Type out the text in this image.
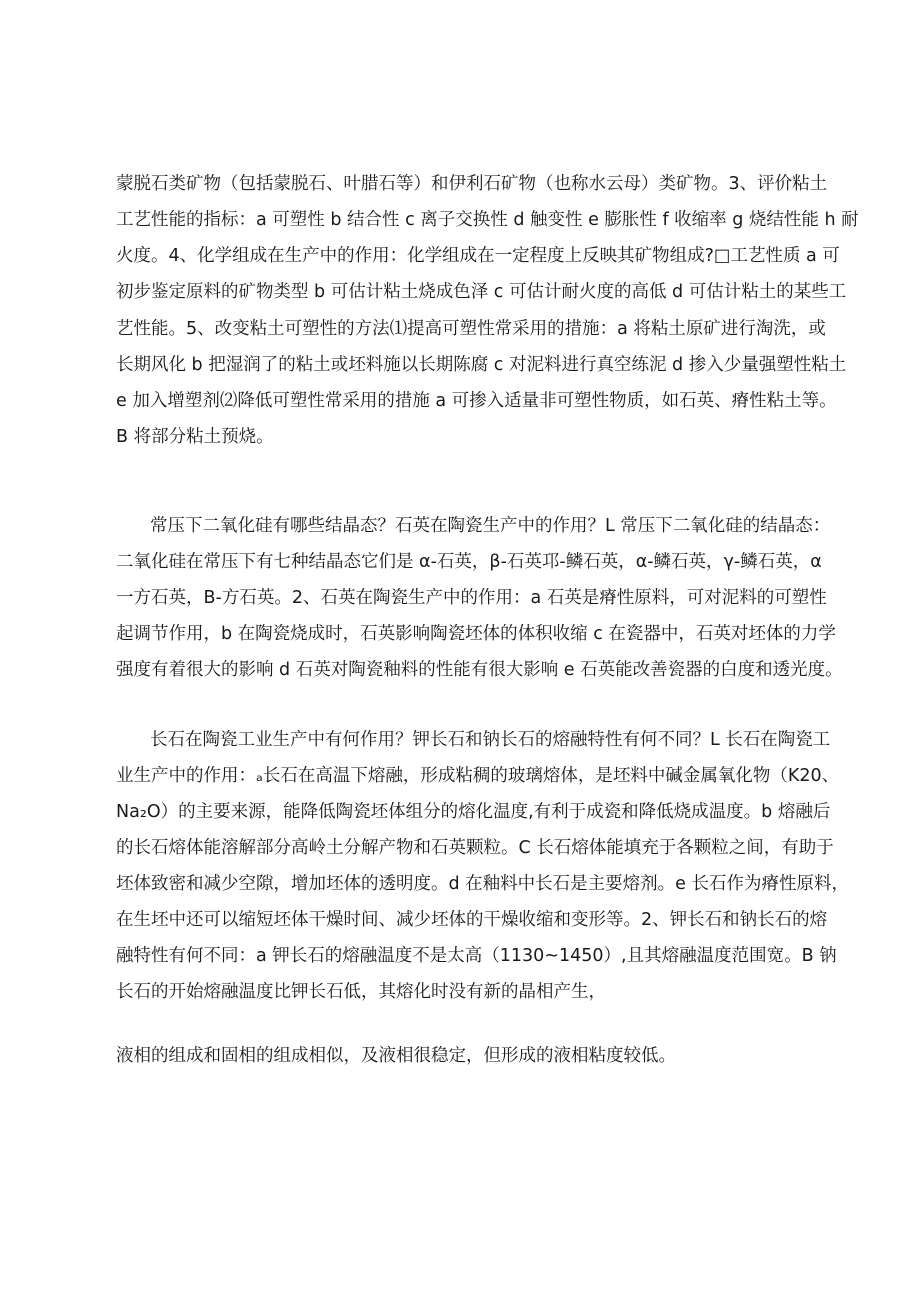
蒙脱石类矿物（包括蒙脱石、叶腊石等）和伊利石矿物（也称水云母）类矿物。3、评价粘土
工艺性能的指标：a 可塑性 b 结合性 c 离子交换性 d 触变性 e 膨胀性 f 收缩率 g 烧结性能 h 耐
火度。4、化学组成在生产中的作用：化学组成在一定程度上反映其矿物组成?□工艺性质 a 可
初步鉴定原料的矿物类型 b 可估计粘土烧成色泽 c 可估计耐火度的高低 d 可估计粘土的某些工
艺性能。5、改变粘土可塑性的方法⑴提高可塑性常采用的措施：a 将粘土原矿进行淘洗，或
长期风化 b 把湿润了的粘土或坯料施以长期陈腐 c 对泥料进行真空练泥 d 掺入少量强塑性粘土
e 加入增塑剂⑵降低可塑性常采用的措施 a 可掺入适量非可塑性物质，如石英、瘠性粘土等。
B 将部分粘土预烧。
常压下二氧化硅有哪些结晶态？石英在陶瓷生产中的作用？L 常压下二氧化硅的结晶态：
二氧化硅在常压下有七种结晶态它们是 α-石英，β-石英邛-鳞石英，α-鳞石英，γ-鳞石英，α
一方石英，B-方石英。2、石英在陶瓷生产中的作用：a 石英是瘠性原料，可对泥料的可塑性
起调节作用，b 在陶瓷烧成时，石英影响陶瓷坯体的体积收缩 c 在瓷器中，石英对坯体的力学
强度有着很大的影响 d 石英对陶瓷釉料的性能有很大影响 e 石英能改善瓷器的白度和透光度。
长石在陶瓷工业生产中有何作用？钾长石和钠长石的熔融特性有何不同？L 长石在陶瓷工
业生产中的作用：ₐ长石在高温下熔融，形成粘稠的玻璃熔体，是坯料中碱金属氧化物（K20、
Na₂O）的主要来源，能降低陶瓷坯体组分的熔化温度,有利于成瓷和降低烧成温度。b 熔融后
的长石熔体能溶解部分高岭土分解产物和石英颗粒。C 长石熔体能填充于各颗粒之间，有助于
坯体致密和减少空隙，增加坯体的透明度。d 在釉料中长石是主要熔剂。e 长石作为瘠性原料，
在生坯中还可以缩短坯体干燥时间、减少坯体的干燥收缩和变形等。2、钾长石和钠长石的熔
融特性有何不同：a 钾长石的熔融温度不是太高（1130~1450）,且其熔融温度范围宽。B 钠
长石的开始熔融温度比钾长石低，其熔化时没有新的晶相产生，
液相的组成和固相的组成相似，及液相很稳定，但形成的液相粘度较低。
